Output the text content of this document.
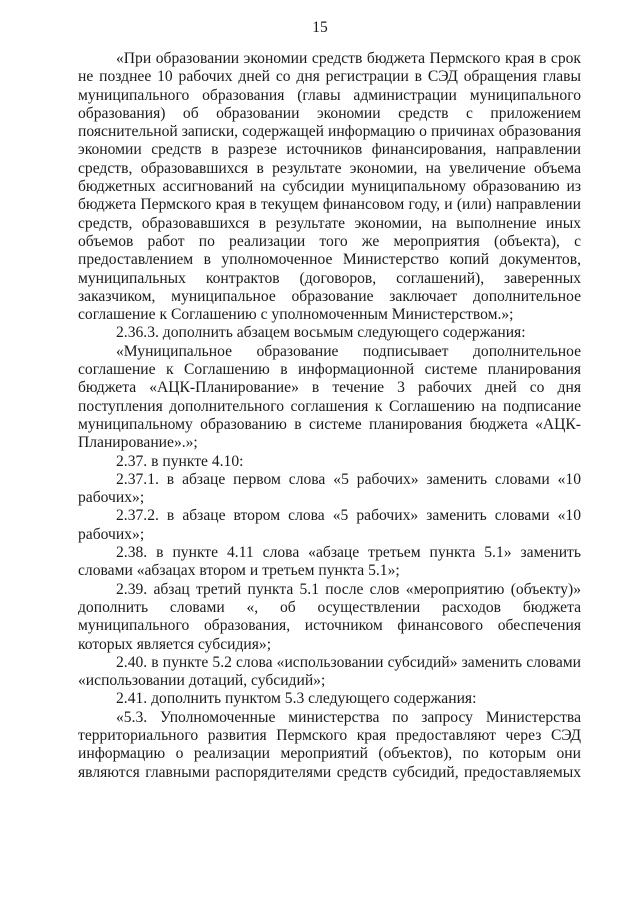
15

«При образовании экономии средств бюджета Пермского края в срок не позднее 10 рабочих дней со дня регистрации в СЭД обращения главы муниципального образования (главы администрации муниципального образования) об образовании экономии средств с приложением пояснительной записки, содержащей информацию о причинах образования экономии средств в разрезе источников финансирования, направлении средств, образовавшихся в результате экономии, на увеличение объема бюджетных ассигнований на субсидии муниципальному образованию из бюджета Пермского края в текущем финансовом году, и (или) направлении средств, образовавшихся в результате экономии, на выполнение иных объемов работ по реализации того же мероприятия (объекта), с предоставлением в уполномоченное Министерство копий документов, муниципальных контрактов (договоров, соглашений), заверенных заказчиком, муниципальное образование заключает дополнительное соглашение к Соглашению с уполномоченным Министерством.»;

2.36.3. дополнить абзацем восьмым следующего содержания:

«Муниципальное образование подписывает дополнительное соглашение к Соглашению в информационной системе планирования бюджета «АЦК-Планирование» в течение 3 рабочих дней со дня поступления дополнительного соглашения к Соглашению на подписание муниципальному образованию в системе планирования бюджета «АЦК-Планирование».»;

2.37. в пункте 4.10:

2.37.1. в абзаце первом слова «5 рабочих» заменить словами «10 рабочих»;

2.37.2. в абзаце втором слова «5 рабочих» заменить словами «10 рабочих»;

2.38. в пункте 4.11 слова «абзаце третьем пункта 5.1» заменить словами «абзацах втором и третьем пункта 5.1»;

2.39. абзац третий пункта 5.1 после слов «мероприятию (объекту)» дополнить словами «, об осуществлении расходов бюджета муниципального образования, источником финансового обеспечения которых является субсидия»;

2.40. в пункте 5.2 слова «использовании субсидий» заменить словами «использовании дотаций, субсидий»;

2.41. дополнить пунктом 5.3 следующего содержания:

«5.3. Уполномоченные министерства по запросу Министерства территориального развития Пермского края предоставляют через СЭД информацию о реализации мероприятий (объектов), по которым они являются главными распорядителями средств субсидий, предоставляемых
